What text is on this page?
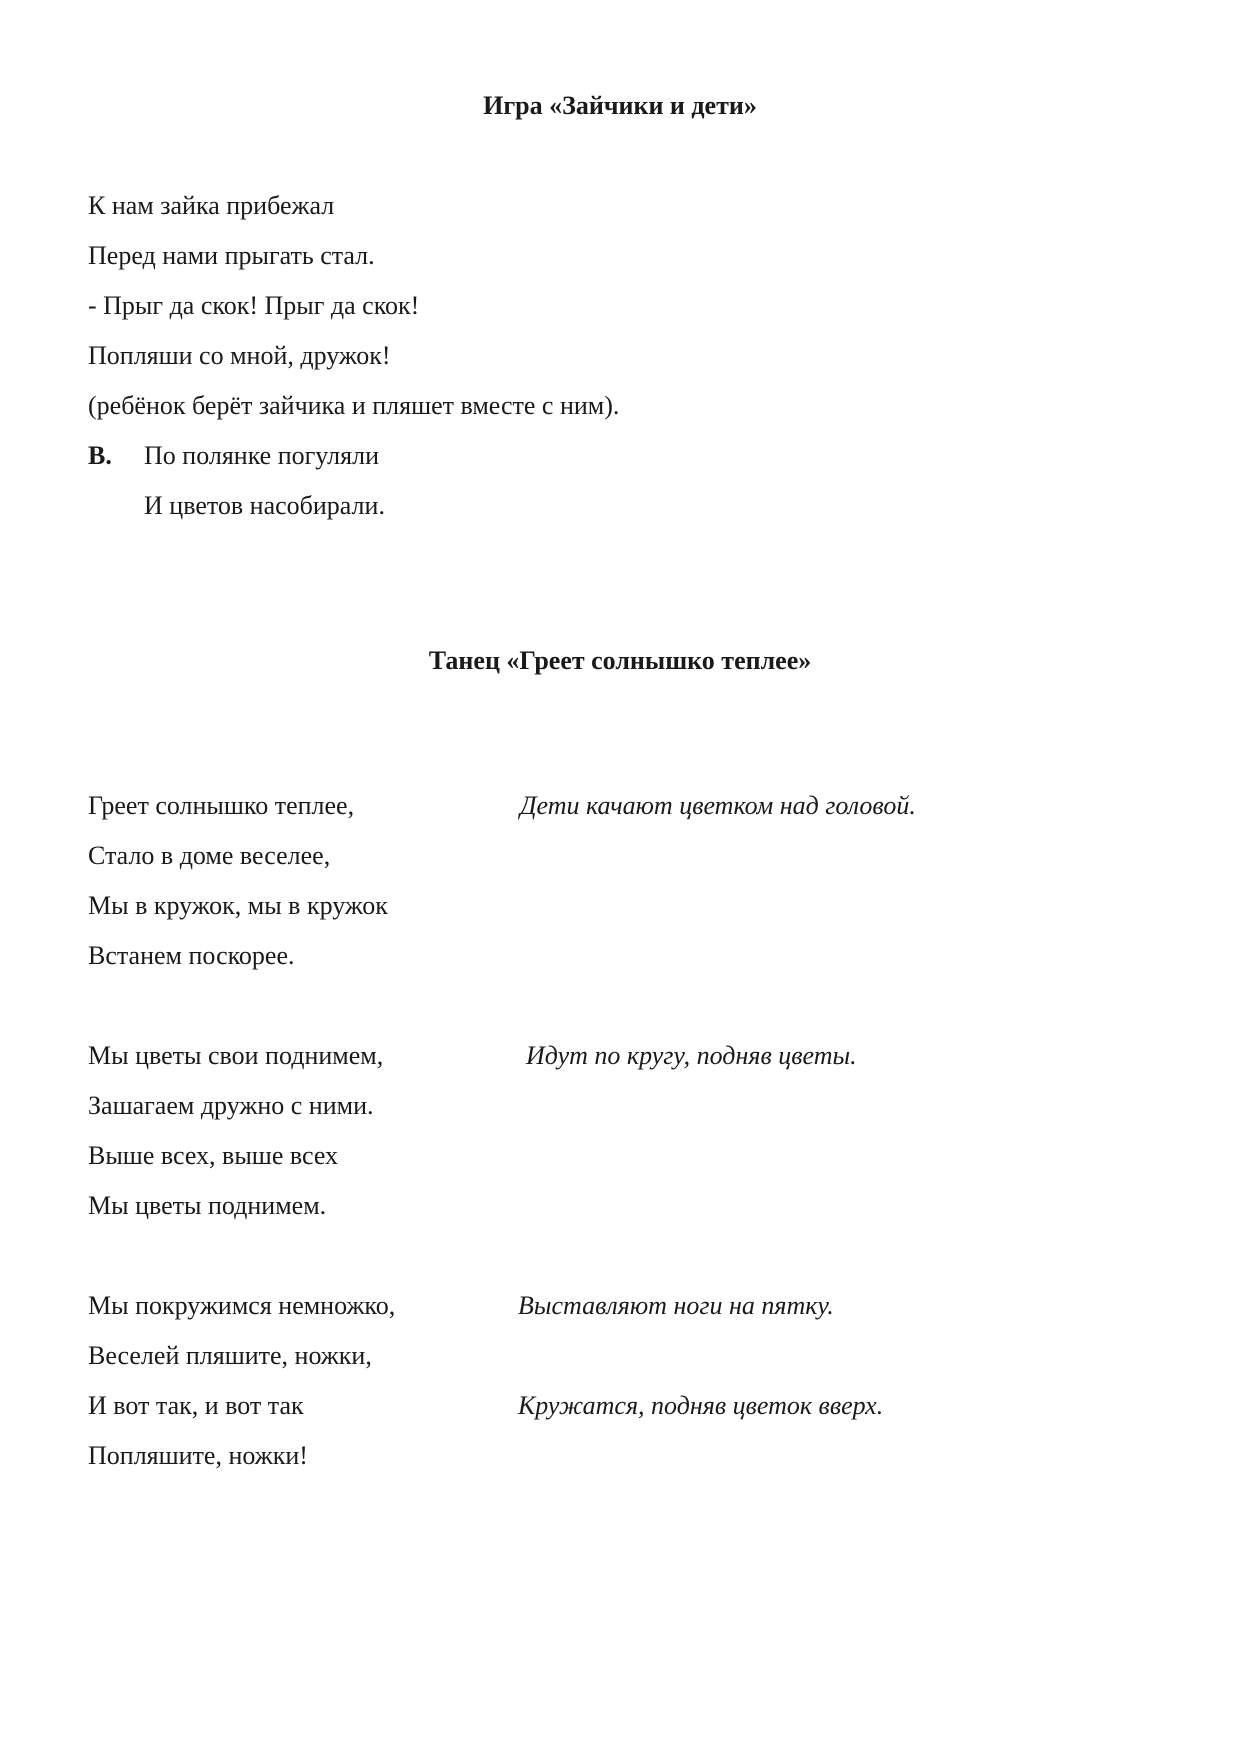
Игра «Зайчики и дети»

К нам зайка прибежал

Перед нами прыгать стал.

- Прыг да скок! Прыг да скок!

Попляши со мной, дружок!

(ребёнок берёт зайчика и пляшет вместе с ним).

В. По полянке погуляли

И цветов насобирали.

Танец «Греет солнышко теплее»

Греет солнышко теплее,	Дети качают цветком над головой.

Стало в доме веселее,

Мы в кружок, мы в кружок

Встанем поскорее.

Мы цветы свои поднимем,	Идут по кругу, подняв цветы.

Зашагаем дружно с ними.

Выше всех, выше всех

Мы цветы поднимем.

Мы покружимся немножко,	Выставляют ноги на пятку.

Веселей пляшите, ножки,

И вот так, и вот так	Кружатся, подняв цветок вверх.

Попляшите, ножки!
